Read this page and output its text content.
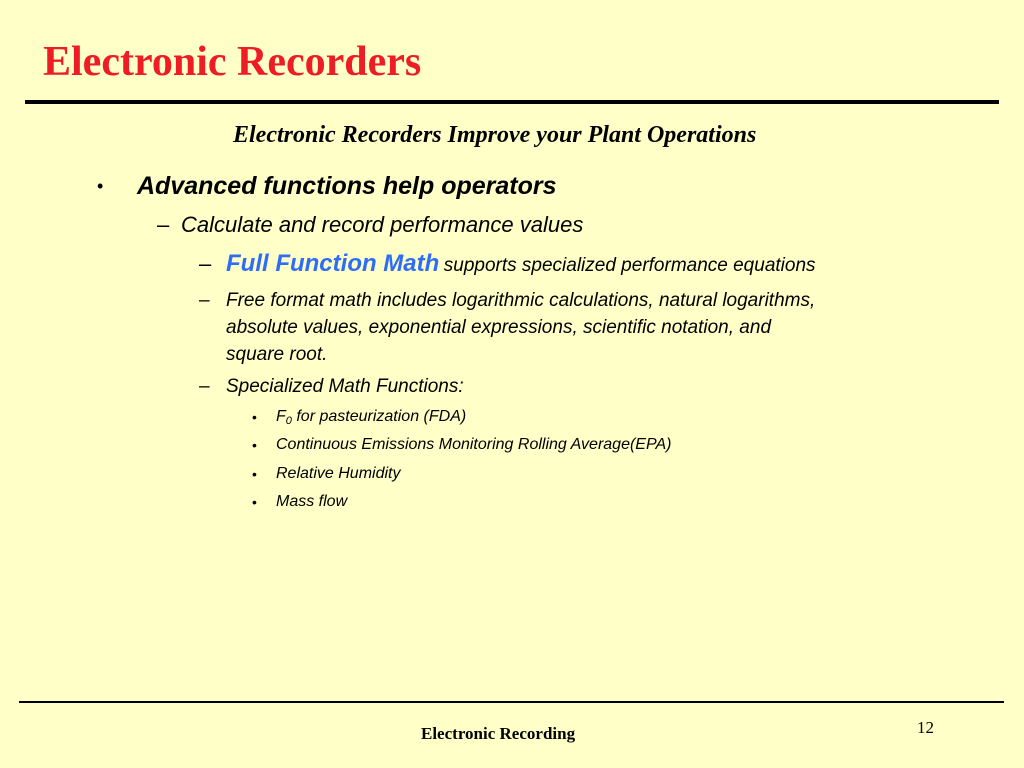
Electronic Recorders
Electronic Recorders Improve your Plant Operations
• Advanced functions help operators
– Calculate and record performance values
– Full Function Math supports specialized performance equations
– Free format math includes logarithmic calculations, natural logarithms,
absolute values, exponential expressions, scientific notation, and
square root.
– Specialized Math Functions:
• $F_0$ for pasteurization (FDA)
• Continuous Emissions Monitoring Rolling Average(EPA)
• Relative Humidity
• Mass flow
Electronic Recording	12
